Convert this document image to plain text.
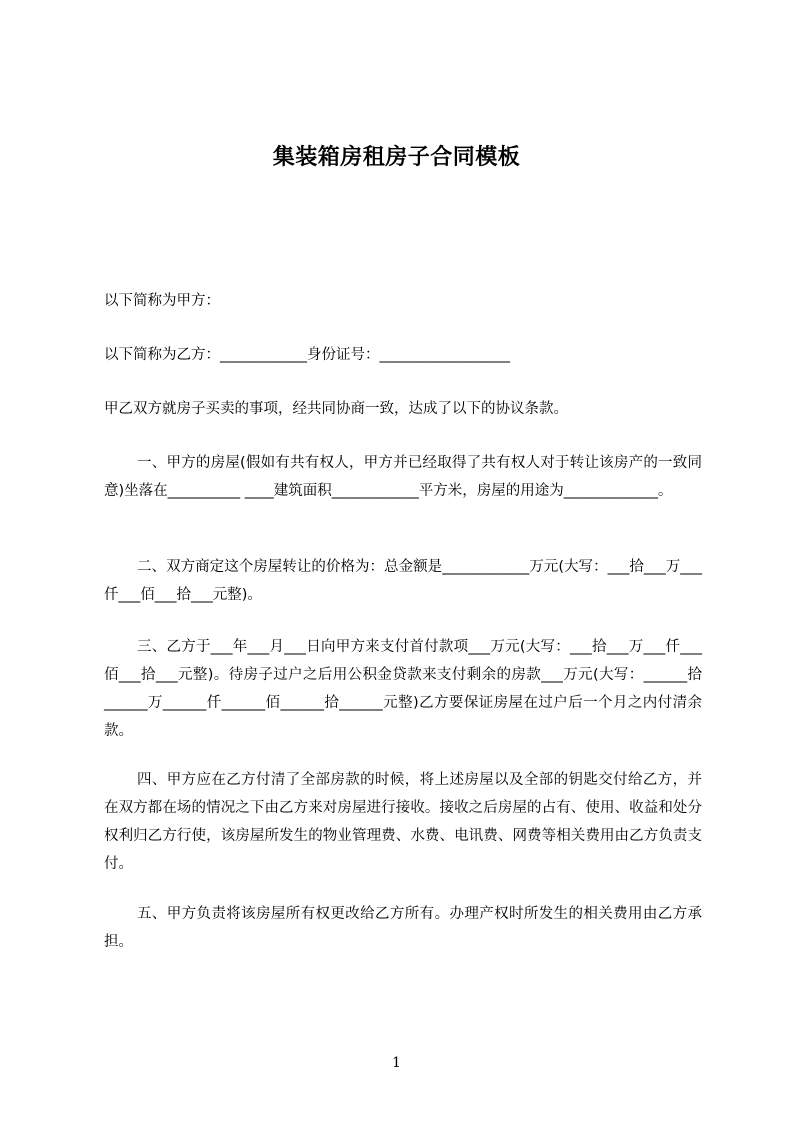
集装箱房租房子合同模板

以下简称为甲方：

以下简称为乙方：____________身份证号：__________________

甲乙双方就房子买卖的事项，经共同协商一致，达成了以下的协议条款。

一、甲方的房屋(假如有共有权人，甲方并已经取得了共有权人对于转让该房产的一致同意)坐落在__________ ____建筑面积____________平方米，房屋的用途为_____________。

二、双方商定这个房屋转让的价格为：总金额是____________万元(大写：___拾___万___仟___佰___拾___元整)。

三、乙方于___年___月___日向甲方来支付首付款项___万元(大写：___拾___万___仟___佰___拾___元整)。待房子过户之后用公积金贷款来支付剩余的房款___万元(大写：______拾______万______仟______佰______拾______元整)乙方要保证房屋在过户后一个月之内付清余款。

四、甲方应在乙方付清了全部房款的时候，将上述房屋以及全部的钥匙交付给乙方，并在双方都在场的情况之下由乙方来对房屋进行接收。接收之后房屋的占有、使用、收益和处分权利归乙方行使，该房屋所发生的物业管理费、水费、电讯费、网费等相关费用由乙方负责支付。

五、甲方负责将该房屋所有权更改给乙方所有。办理产权时所发生的相关费用由乙方承担。

1
